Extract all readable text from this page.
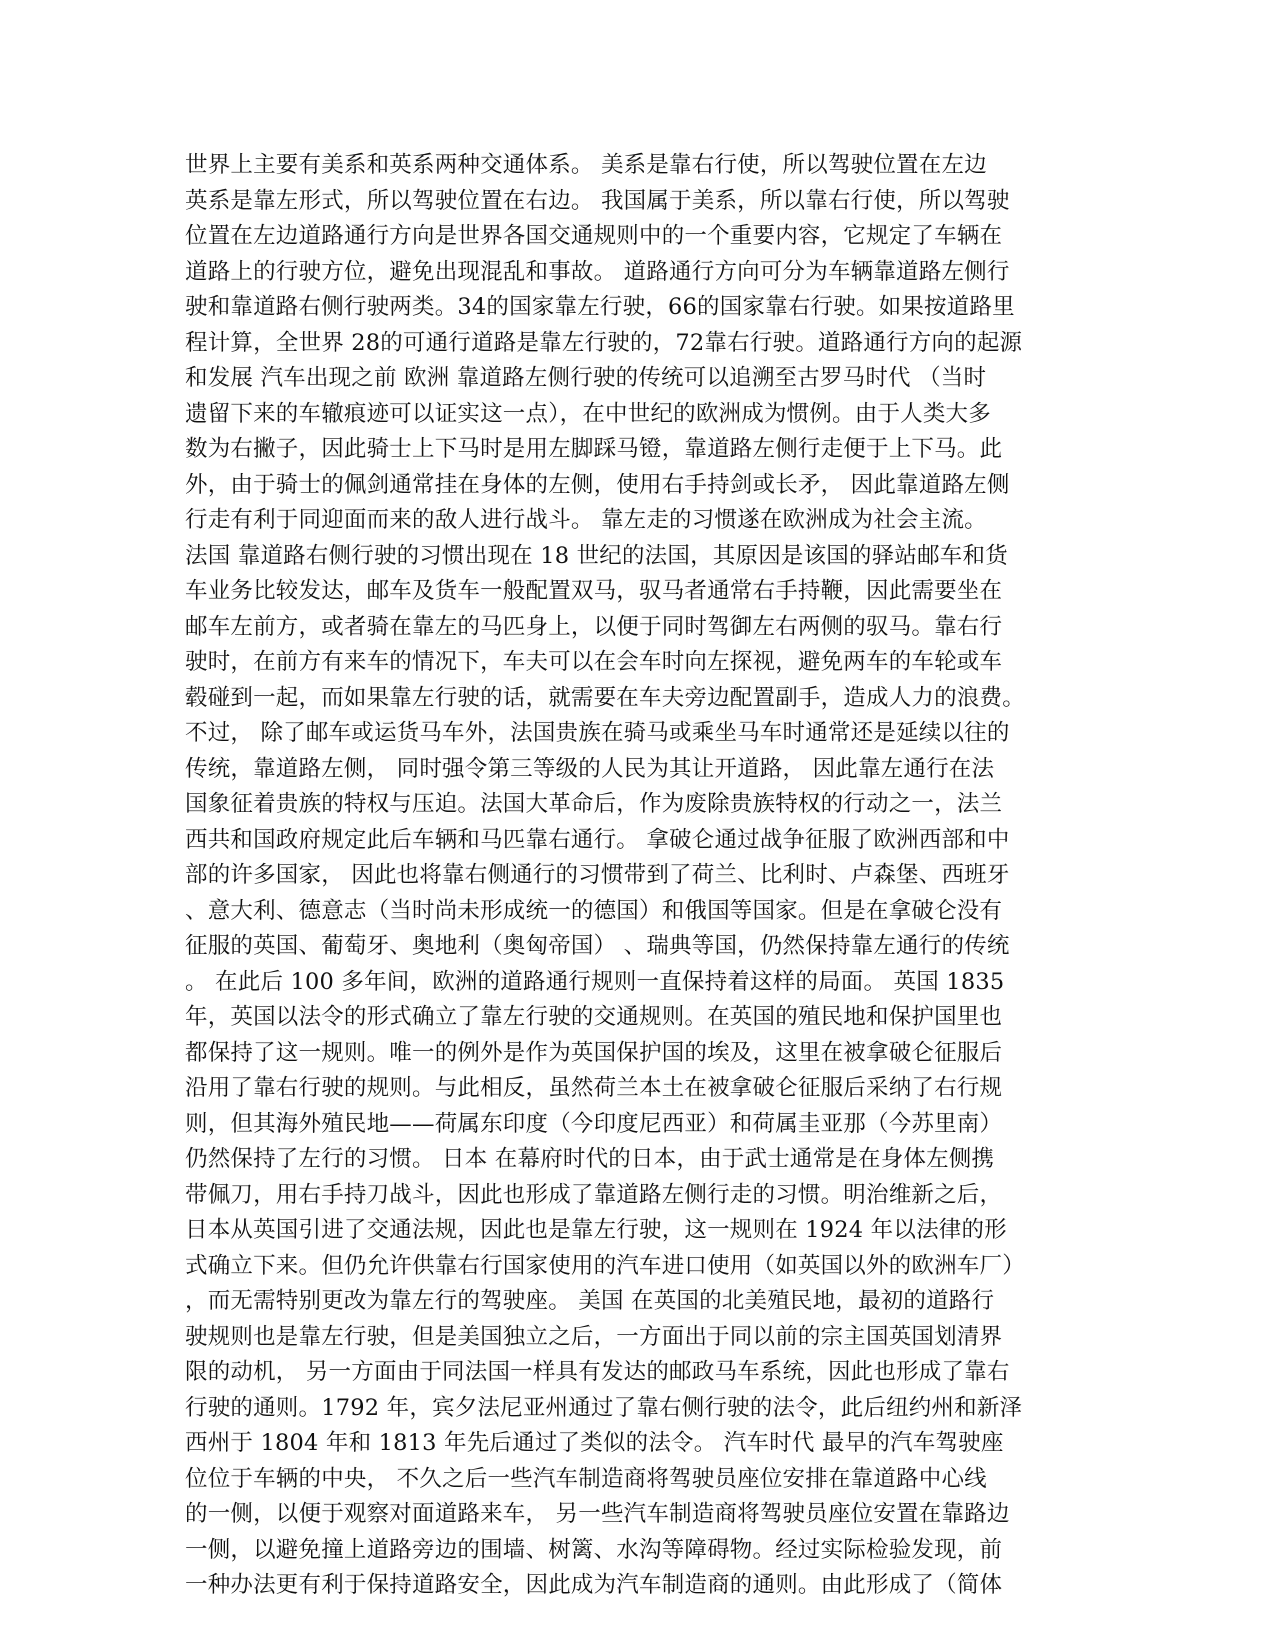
世界上主要有美系和英系两种交通体系。 美系是靠右行使，所以驾驶位置在左边
英系是靠左形式，所以驾驶位置在右边。 我国属于美系，所以靠右行使，所以驾驶
位置在左边道路通行方向是世界各国交通规则中的一个重要内容，它规定了车辆在
道路上的行驶方位，避免出现混乱和事故。 道路通行方向可分为车辆靠道路左侧行
驶和靠道路右侧行驶两类。34的国家靠左行驶，66的国家靠右行驶。如果按道路里
程计算，全世界 28的可通行道路是靠左行驶的，72靠右行驶。道路通行方向的起源
和发展 汽车出现之前 欧洲 靠道路左侧行驶的传统可以追溯至古罗马时代 （当时
遗留下来的车辙痕迹可以证实这一点），在中世纪的欧洲成为惯例。由于人类大多
数为右撇子，因此骑士上下马时是用左脚踩马镫，靠道路左侧行走便于上下马。此
外，由于骑士的佩剑通常挂在身体的左侧，使用右手持剑或长矛， 因此靠道路左侧
行走有利于同迎面而来的敌人进行战斗。 靠左走的习惯遂在欧洲成为社会主流。
法国 靠道路右侧行驶的习惯出现在 18 世纪的法国，其原因是该国的驿站邮车和货
车业务比较发达，邮车及货车一般配置双马，驭马者通常右手持鞭，因此需要坐在
邮车左前方，或者骑在靠左的马匹身上，以便于同时驾御左右两侧的驭马。靠右行
驶时，在前方有来车的情况下，车夫可以在会车时向左探视，避免两车的车轮或车
毂碰到一起，而如果靠左行驶的话，就需要在车夫旁边配置副手，造成人力的浪费。
不过， 除了邮车或运货马车外，法国贵族在骑马或乘坐马车时通常还是延续以往的
传统，靠道路左侧， 同时强令第三等级的人民为其让开道路， 因此靠左通行在法
国象征着贵族的特权与压迫。法国大革命后，作为废除贵族特权的行动之一，法兰
西共和国政府规定此后车辆和马匹靠右通行。 拿破仑通过战争征服了欧洲西部和中
部的许多国家， 因此也将靠右侧通行的习惯带到了荷兰、比利时、卢森堡、西班牙
、意大利、德意志（当时尚未形成统一的德国）和俄国等国家。但是在拿破仑没有
征服的英国、葡萄牙、奥地利（奥匈帝国） 、瑞典等国，仍然保持靠左通行的传统
。 在此后 100 多年间，欧洲的道路通行规则一直保持着这样的局面。 英国 1835
年，英国以法令的形式确立了靠左行驶的交通规则。在英国的殖民地和保护国里也
都保持了这一规则。唯一的例外是作为英国保护国的埃及，这里在被拿破仑征服后
沿用了靠右行驶的规则。与此相反，虽然荷兰本土在被拿破仑征服后采纳了右行规
则，但其海外殖民地——荷属东印度（今印度尼西亚）和荷属圭亚那（今苏里南）
仍然保持了左行的习惯。 日本 在幕府时代的日本，由于武士通常是在身体左侧携
带佩刀，用右手持刀战斗，因此也形成了靠道路左侧行走的习惯。明治维新之后，
日本从英国引进了交通法规，因此也是靠左行驶，这一规则在 1924 年以法律的形
式确立下来。但仍允许供靠右行国家使用的汽车进口使用（如英国以外的欧洲车厂）
，而无需特别更改为靠左行的驾驶座。 美国 在英国的北美殖民地，最初的道路行
驶规则也是靠左行驶，但是美国独立之后，一方面出于同以前的宗主国英国划清界
限的动机， 另一方面由于同法国一样具有发达的邮政马车系统，因此也形成了靠右
行驶的通则。1792 年，宾夕法尼亚州通过了靠右侧行驶的法令，此后纽约州和新泽
西州于 1804 年和 1813 年先后通过了类似的法令。 汽车时代 最早的汽车驾驶座
位位于车辆的中央， 不久之后一些汽车制造商将驾驶员座位安排在靠道路中心线
的一侧，以便于观察对面道路来车， 另一些汽车制造商将驾驶员座位安置在靠路边
一侧，以避免撞上道路旁边的围墙、树篱、水沟等障碍物。经过实际检验发现，前
一种办法更有利于保持道路安全，因此成为汽车制造商的通则。由此形成了（简体
